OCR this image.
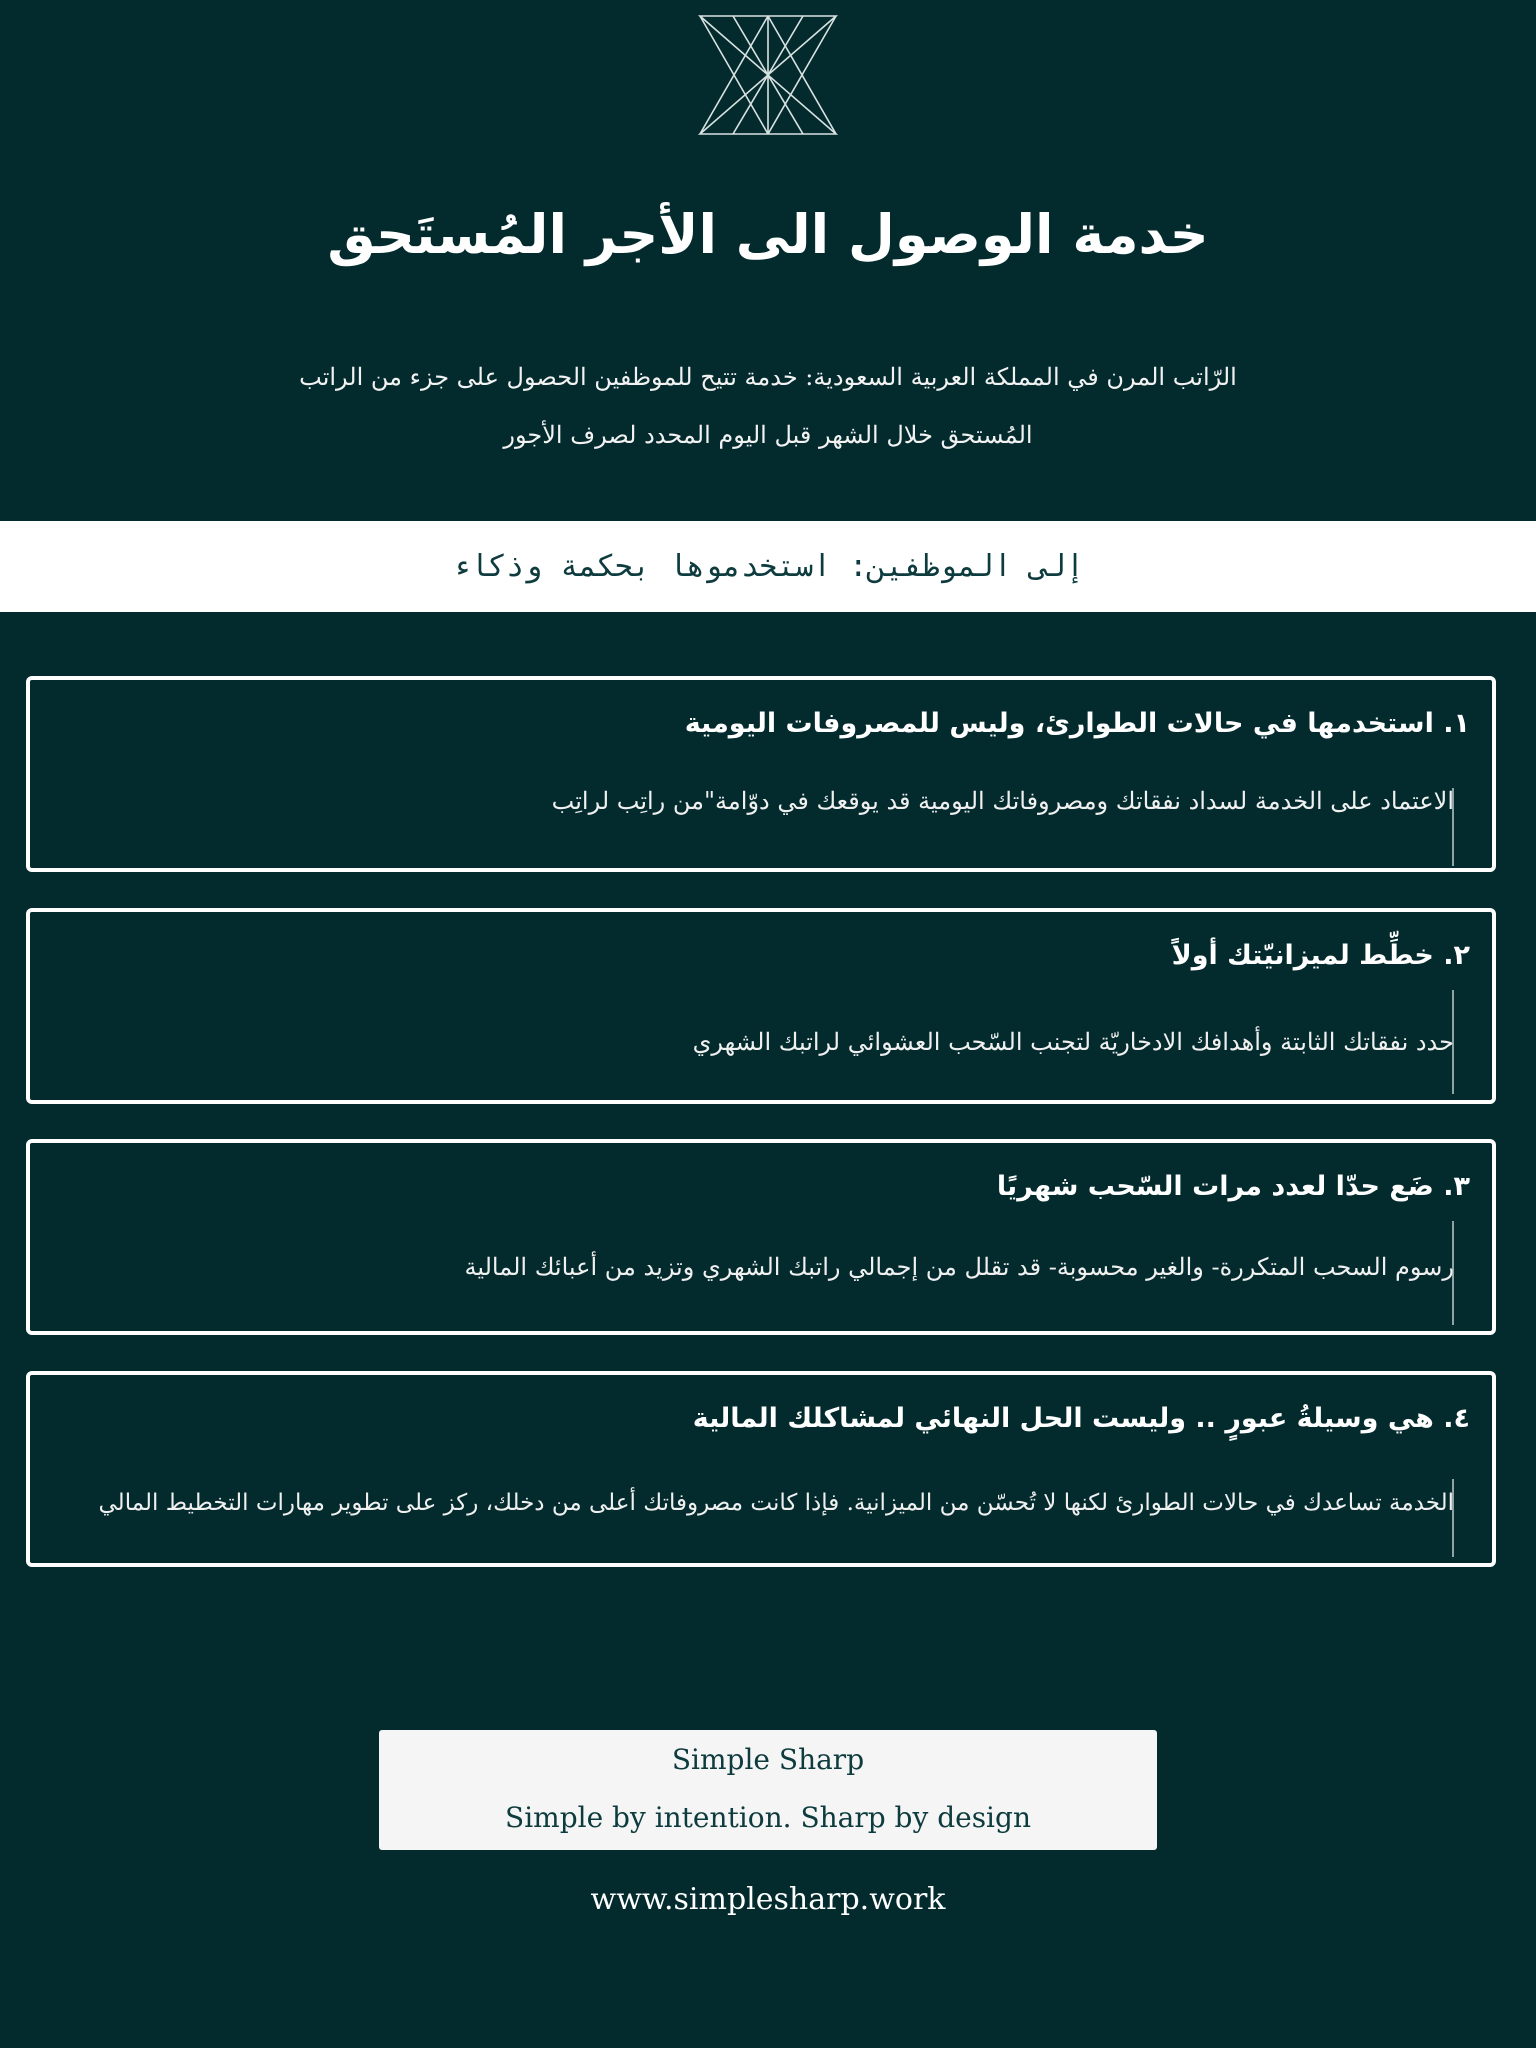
خدمة الوصول الى الأجر المُستَحق
الرّاتب المرن في المملكة العربية السعودية: خدمة تتيح للموظفين الحصول على جزء من الراتب
المُستحق خلال الشهر قبل اليوم المحدد لصرف الأجور
إلى الموظفين: استخدموها بحكمة وذكاء
١. استخدمها في حالات الطوارئ، وليس للمصروفات اليومية
الاعتماد على الخدمة لسداد نفقاتك ومصروفاتك اليومية قد يوقعك في دوّامة"من راتِب لراتِب
٢. خطِّط لميزانيّتك أولاً
حدد نفقاتك الثابتة وأهدافك الادخاريّة لتجنب السّحب العشوائي لراتبك الشهري
٣. ضَع حدّا لعدد مرات السّحب شهريًا
رسوم السحب المتكررة- والغير محسوبة- قد تقلل من إجمالي راتبك الشهري وتزيد من أعبائك المالية
٤. هي وسيلةُ عبورٍ .. وليست الحل النهائي لمشاكلك المالية
الخدمة تساعدك في حالات الطوارئ لكنها لا تُحسّن من الميزانية. فإذا كانت مصروفاتك أعلى من دخلك، ركز على تطوير مهارات التخطيط المالي
Simple Sharp
Simple by intention. Sharp by design
www.simplesharp.work
